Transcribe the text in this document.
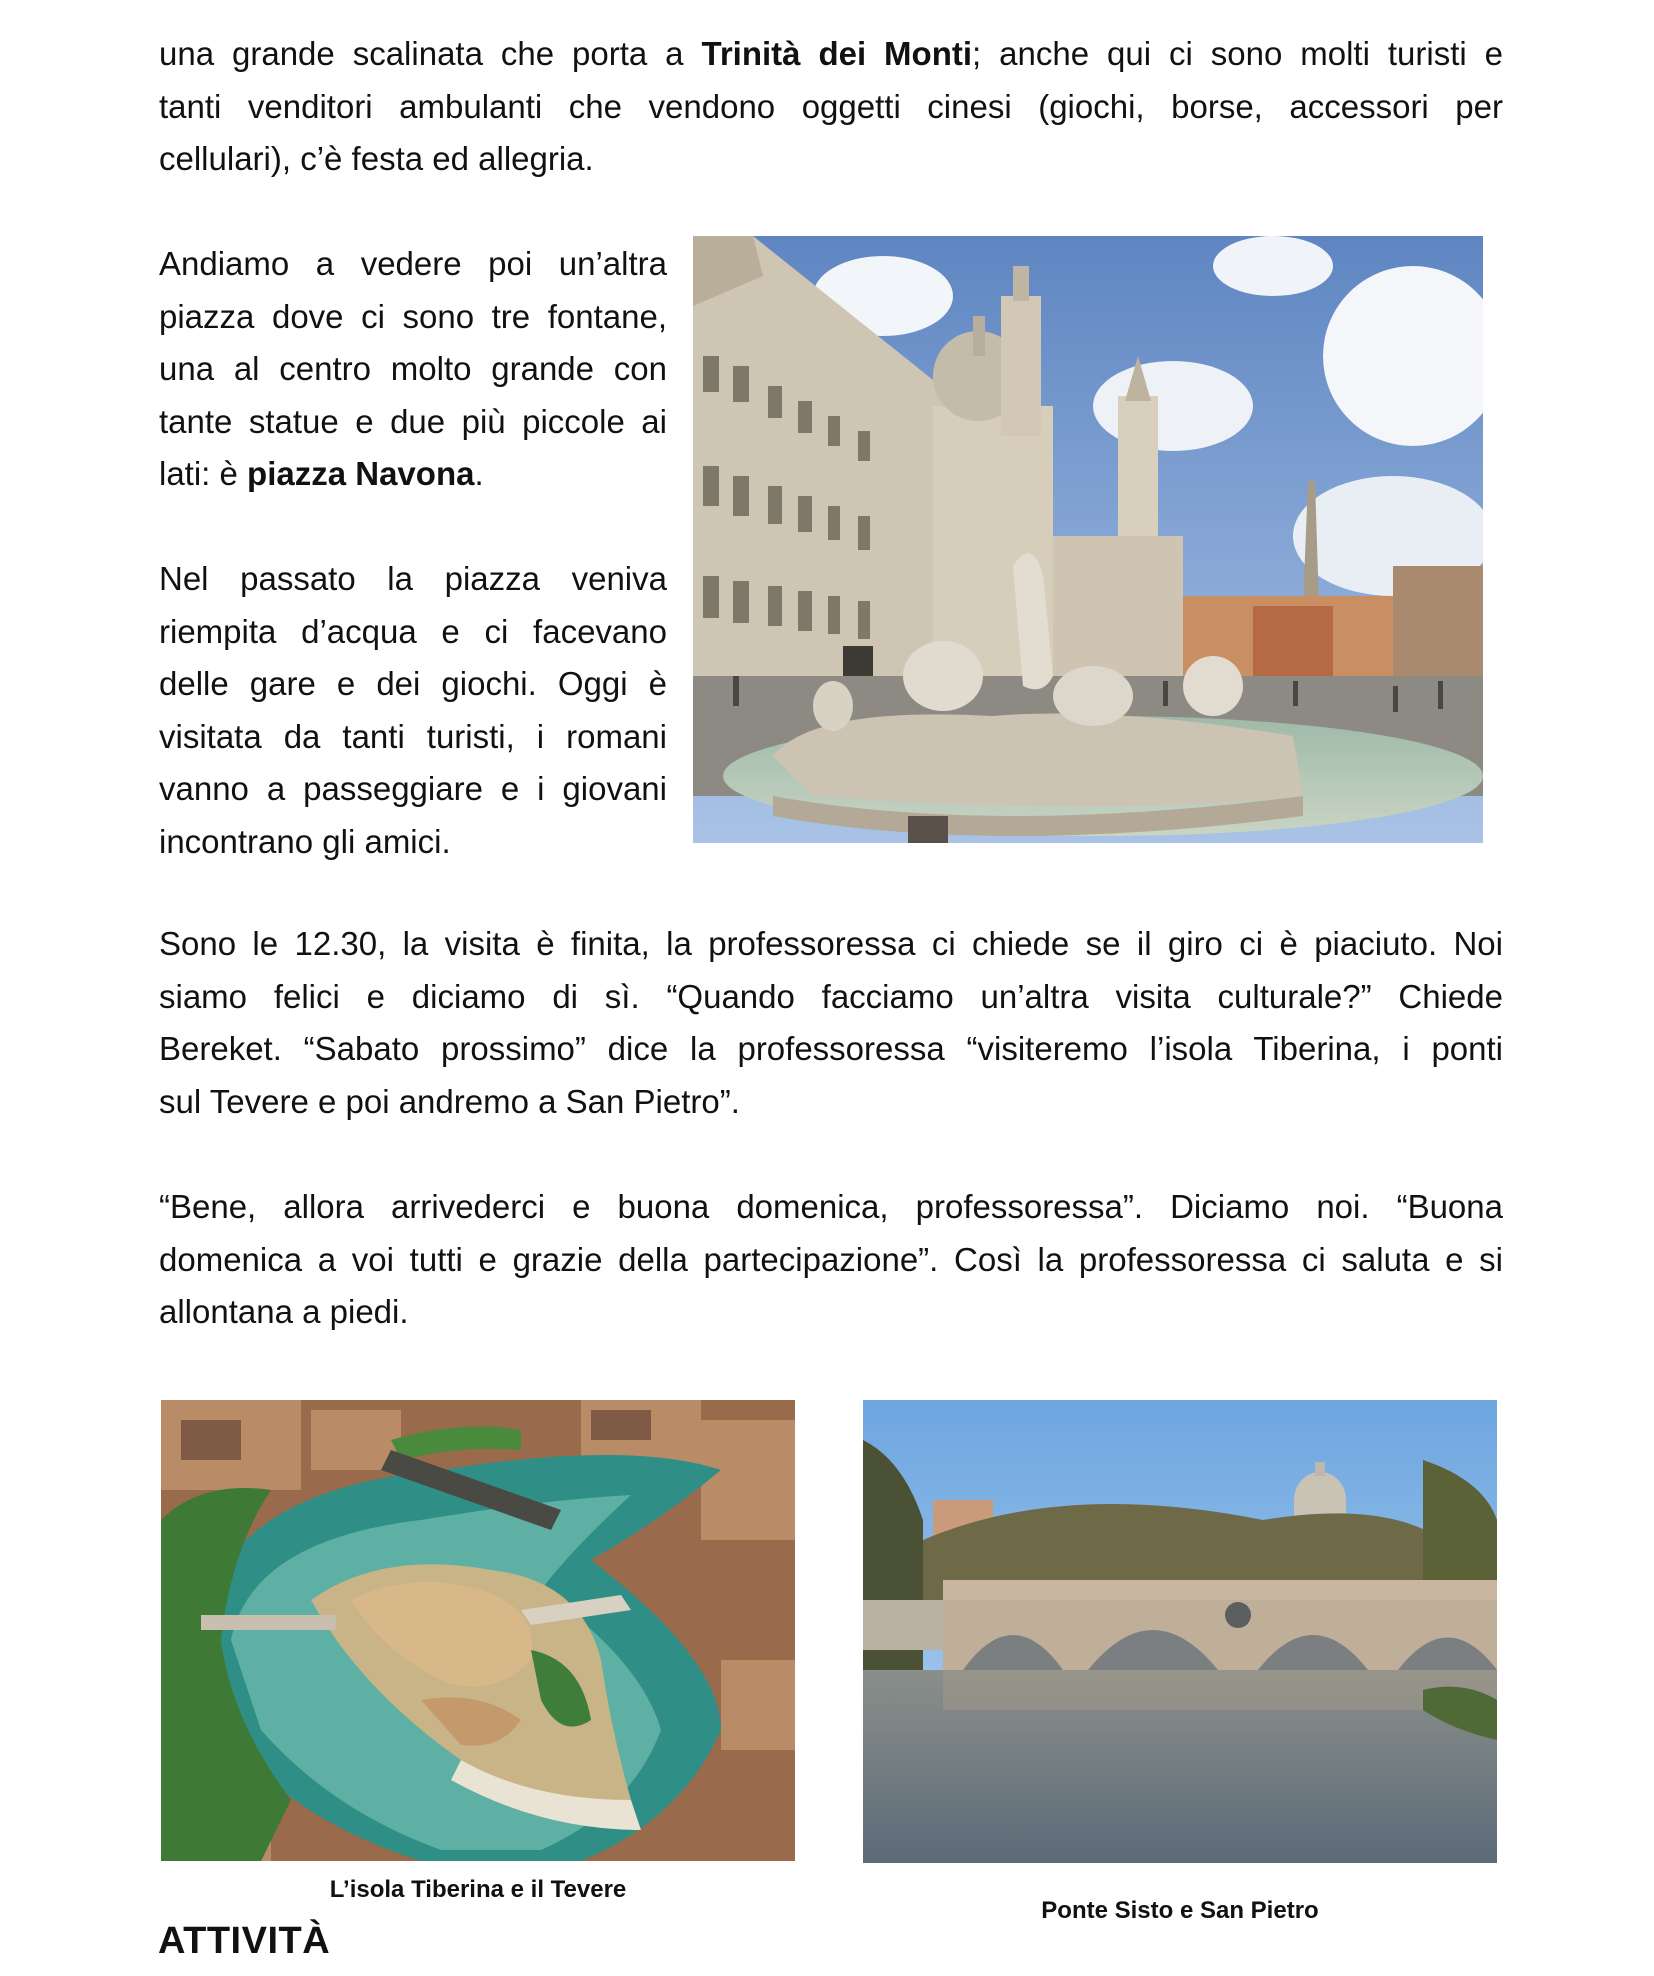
una grande scalinata che porta a Trinità dei Monti; anche qui ci sono molti turisti e
tanti venditori ambulanti che vendono oggetti cinesi (giochi, borse, accessori per
cellulari), c’è festa ed allegria.
Andiamo a vedere poi un’altra
piazza dove ci sono tre fontane,
una al centro molto grande con
tante statue e due più piccole ai
lati: è piazza Navona.
Nel passato la piazza veniva
riempita d’acqua e ci facevano
delle gare e dei giochi. Oggi è
visitata da tanti turisti, i romani
vanno a passeggiare e i giovani
incontrano gli amici.
Sono le 12.30, la visita è finita, la professoressa ci chiede se il giro ci è piaciuto. Noi
siamo felici e diciamo di sì. “Quando facciamo un’altra visita culturale?” Chiede
Bereket. “Sabato prossimo” dice la professoressa “visiteremo l’isola Tiberina, i ponti
sul Tevere e poi andremo a San Pietro”.
“Bene, allora arrivederci e buona domenica, professoressa”. Diciamo noi. “Buona
domenica a voi tutti e grazie della partecipazione”. Così la professoressa ci saluta e si
allontana a piedi.
L’isola Tiberina e il Tevere
Ponte Sisto e San Pietro
ATTIVITÀ
